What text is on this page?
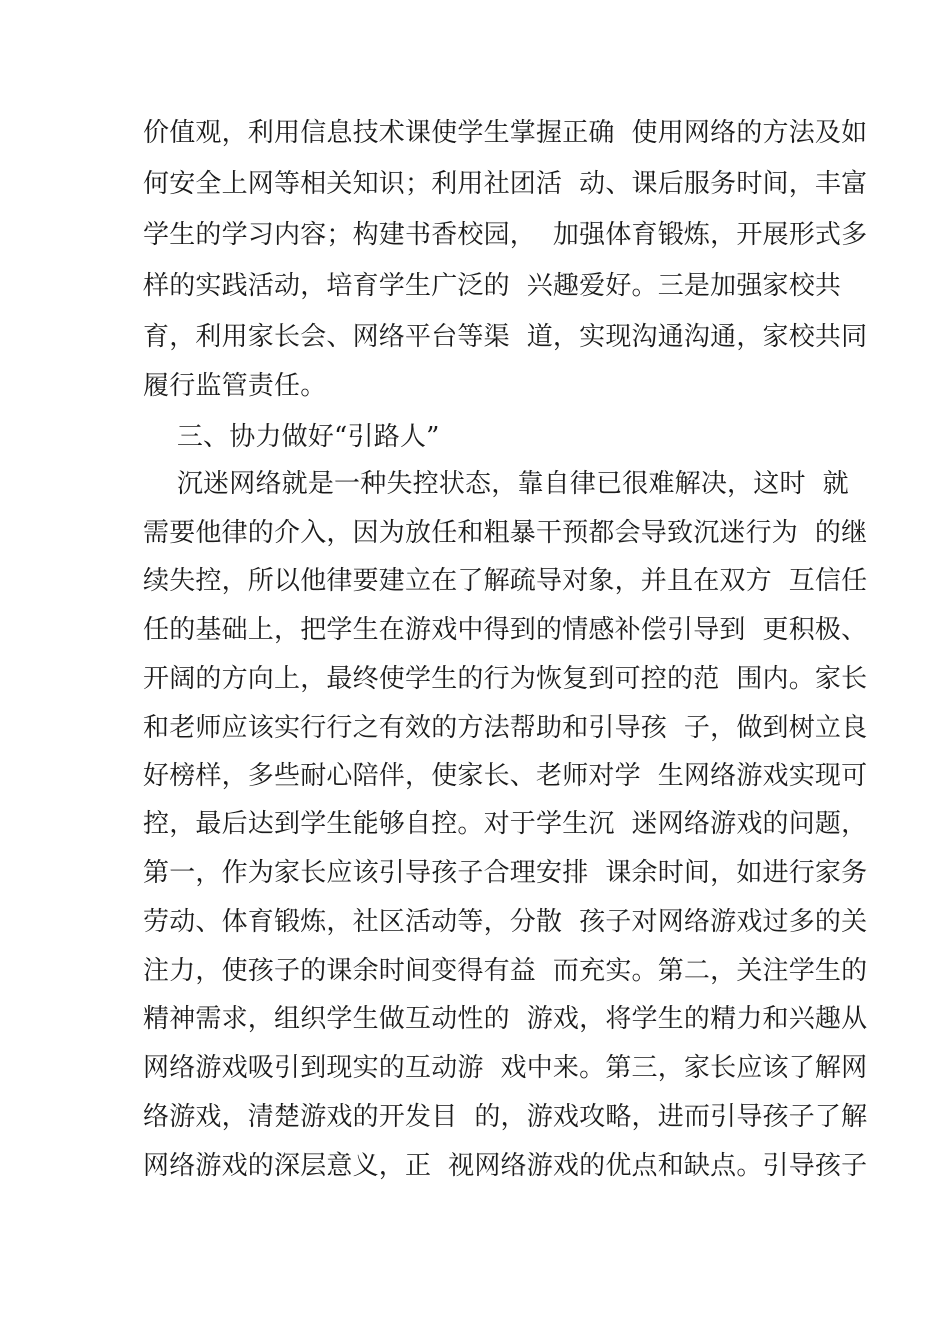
价值观，利用信息技术课使学生掌握正确  使用网络的方法及如
何安全上网等相关知识；利用社团活  动、课后服务时间，丰富
学生的学习内容；构建书香校园，  加强体育锻炼，开展形式多
样的实践活动，培育学生广泛的  兴趣爱好。三是加强家校共
育，利用家长会、网络平台等渠  道，实现沟通沟通，家校共同
履行监管责任。
三、协力做好“引路人”
沉迷网络就是一种失控状态，靠自律已很难解决，这时  就
需要他律的介入，因为放任和粗暴干预都会导致沉迷行为  的继
续失控，所以他律要建立在了解疏导对象，并且在双方  互信任
任的基础上，把学生在游戏中得到的情感补偿引导到  更积极、
开阔的方向上，最终使学生的行为恢复到可控的范  围内。家长
和老师应该实行行之有效的方法帮助和引导孩  子，做到树立良
好榜样，多些耐心陪伴，使家长、老师对学  生网络游戏实现可
控，最后达到学生能够自控。对于学生沉  迷网络游戏的问题，
第一，作为家长应该引导孩子合理安排  课余时间，如进行家务
劳动、体育锻炼，社区活动等，分散  孩子对网络游戏过多的关
注力，使孩子的课余时间变得有益  而充实。第二，关注学生的
精神需求，组织学生做互动性的  游戏，将学生的精力和兴趣从
网络游戏吸引到现实的互动游  戏中来。第三，家长应该了解网
络游戏，清楚游戏的开发目  的，游戏攻略，进而引导孩子了解
网络游戏的深层意义，正  视网络游戏的优点和缺点。引导孩子
